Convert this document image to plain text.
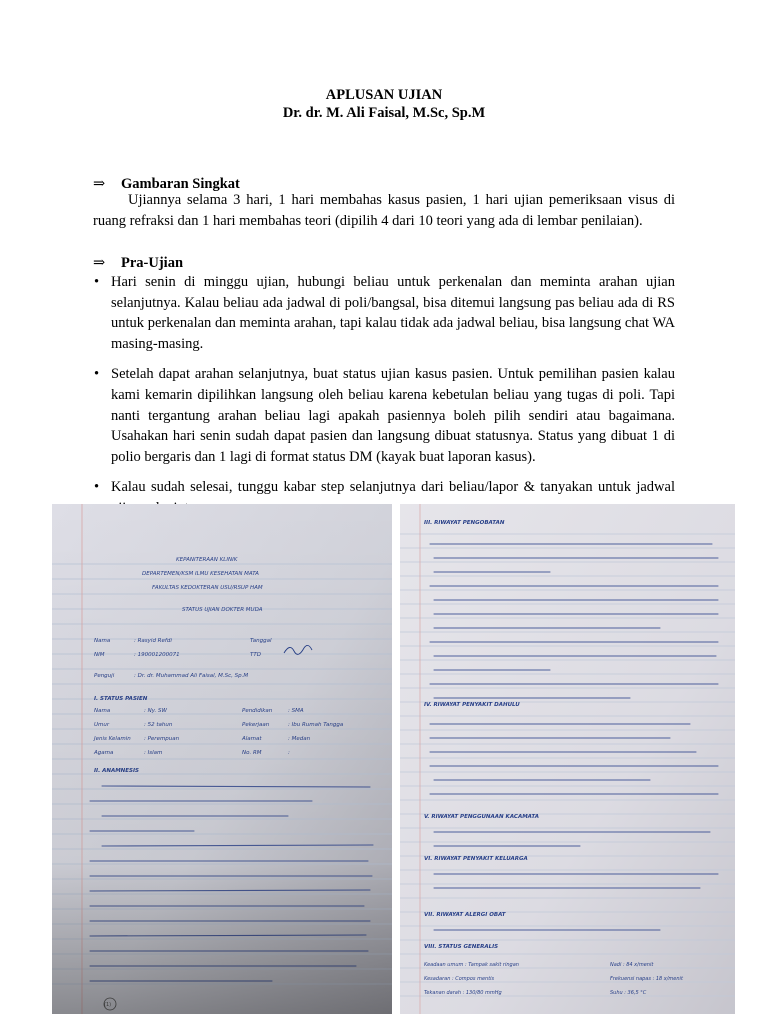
APLUSAN UJIAN
Dr. dr. M. Ali Faisal, M.Sc, Sp.M
⇒ Gambaran Singkat
Ujiannya selama 3 hari, 1 hari membahas kasus pasien, 1 hari ujian pemeriksaan visus di ruang refraksi dan 1 hari membahas teori (dipilih 4 dari 10 teori yang ada di lembar penilaian).
⇒ Pra-Ujian
• Hari senin di minggu ujian, hubungi beliau untuk perkenalan dan meminta arahan ujian selanjutnya. Kalau beliau ada jadwal di poli/bangsal, bisa ditemui langsung pas beliau ada di RS untuk perkenalan dan meminta arahan, tapi kalau tidak ada jadwal beliau, bisa langsung chat WA masing-masing.
• Setelah dapat arahan selanjutnya, buat status ujian kasus pasien. Untuk pemilihan pasien kalau kami kemarin dipilihkan langsung oleh beliau karena kebetulan beliau yang tugas di poli. Tapi nanti tergantung arahan beliau lagi apakah pasiennya boleh pilih sendiri atau bagaimana. Usahakan hari senin sudah dapat pasien dan langsung dibuat statusnya. Status yang dibuat 1 di polio bergaris dan 1 lagi di format status DM (kayak buat laporan kasus).
• Kalau sudah selesai, tunggu kabar step selanjutnya dari beliau/lapor & tanyakan untuk jadwal
III. RIWAYAT PENGOBATAN
IV. RIWAYAT PENYAKIT DAHULU
V. RIWAYAT PENGGUNAAN KACAMATA
VI. RIWAYAT PENYAKIT KELUARGA
VII. RIWAYAT ALERGI OBAT
VIII. STATUS GENERALIS
Keadaan umum : Tampak sakit ringan
Kesadaran : Compos mentis
Tekanan darah : 130/80 mmHg
Nadi : 84 x/menit
Frekuensi napas : 18 x/menit
Suhu : 36,5 °C
